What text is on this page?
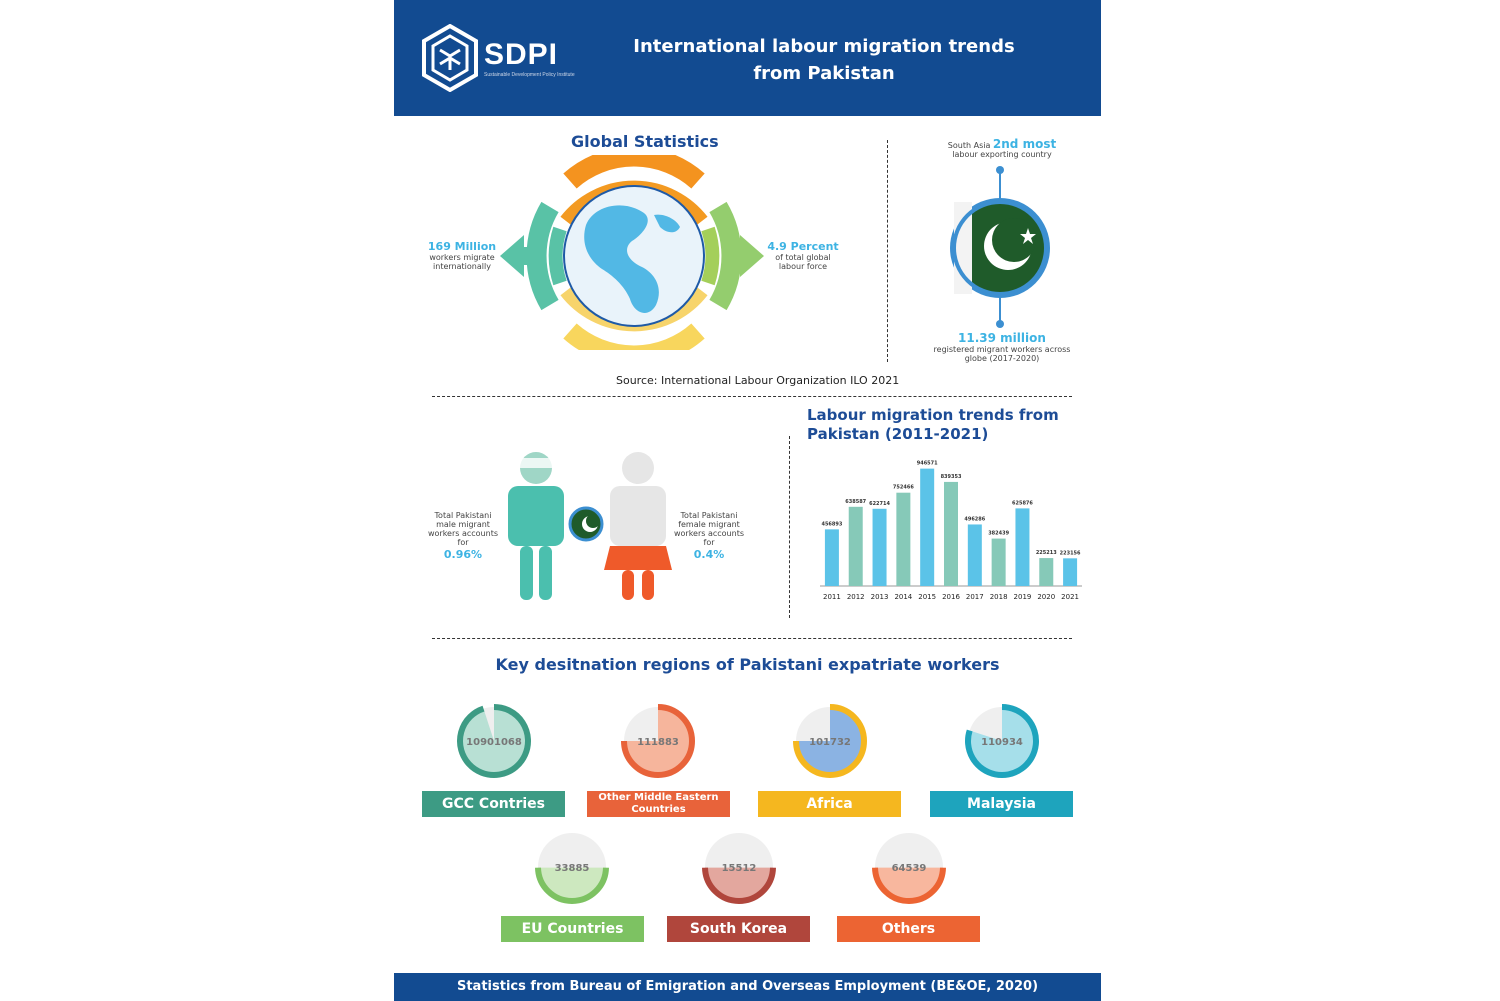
SDPI
Sustainable Development Policy Institute
International labour migration trends from Pakistan
Global Statistics
169 Million
workers migrate internationally
4.9 Percent
of total global labour force
South Asia 2nd most
labour exporting country
11.39 million
registered migrant workers across globe (2017-2020)
Source: International Labour Organization ILO 2021
Total Pakistani male migrant workers accounts for
0.96%
Total Pakistani female migrant workers accounts for
0.4%
Labour migration trends from Pakistan (2011-2021)
456893
2011
638587
2012
622714
2013
752466
2014
946571
2015
839353
2016
496286
2017
382439
2018
625876
2019
225213
2020
223156
2021
Key desitnation regions of Pakistani expatriate workers
10901068
GCC Contries
111883
Other Middle Eastern Countries
101732
Africa
110934
Malaysia
33885
EU Countries
15512
South Korea
64539
Others
Statistics from Bureau of Emigration and Overseas Employment (BE&OE, 2020)
